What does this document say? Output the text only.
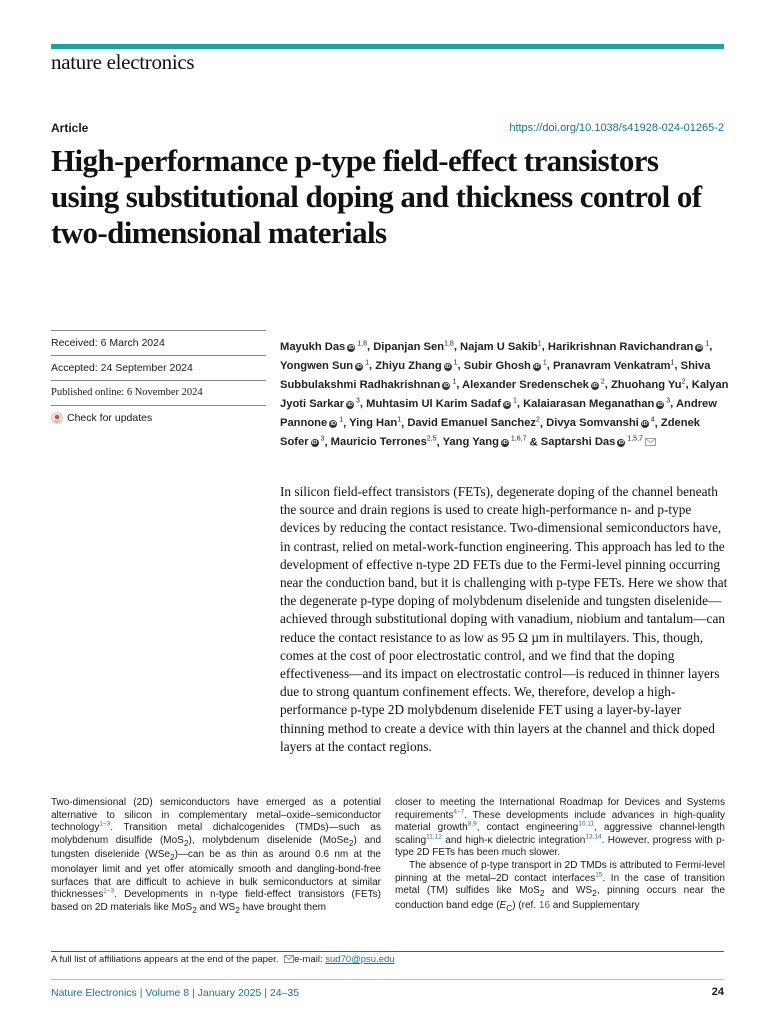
nature electronics
Article	https://doi.org/10.1038/s41928-024-01265-2
High-performance p-type field-effect transistors using substitutional doping and thickness control of two-dimensional materials
Received: 6 March 2024
Accepted: 24 September 2024
Published online: 6 November 2024
Check for updates
Mayukh Das iD $^{1,8}$, Dipanjan Sen$^{1,8}$, Najam U Sakib$^1$, Harikrishnan Ravichandran iD $^1$, Yongwen Sun iD $^1$, Zhiyu Zhang iD $^1$, Subir Ghosh iD $^1$, Pranavram Venkatram$^1$, Shiva Subbulakshmi Radhakrishnan iD $^1$, Alexander Sredenschek iD $^2$, Zhuohang Yu$^2$, Kalyan Jyoti Sarkar iD $^3$, Muhtasim Ul Karim Sadaf iD $^1$, Kalaiarasan Meganathan iD $^3$, Andrew Pannone iD $^1$, Ying Han$^1$, David Emanuel Sanchez$^2$, Divya Somvanshi iD $^4$, Zdenek Sofer iD $^3$, Mauricio Terrones$^{2,5}$, Yang Yang iD $^{1,6,7}$ & Saptarshi Das iD $^{1,5,7}$

In silicon field-effect transistors (FETs), degenerate doping of the channel beneath the source and drain regions is used to create high-performance n- and p-type devices by reducing the contact resistance. Two-dimensional semiconductors have, in contrast, relied on metal-work-function engineering. This approach has led to the development of effective n-type 2D FETs due to the Fermi-level pinning occurring near the conduction band, but it is challenging with p-type FETs. Here we show that the degenerate p-type doping of molybdenum diselenide and tungsten diselenide—achieved through substitutional doping with vanadium, niobium and tantalum—can reduce the contact resistance to as low as 95 Ω µm in multilayers. This, though, comes at the cost of poor electrostatic control, and we find that the doping effectiveness—and its impact on electrostatic control—is reduced in thinner layers due to strong quantum confinement effects. We, therefore, develop a high-performance p-type 2D molybdenum diselenide FET using a layer-by-layer thinning method to create a device with thin layers at the channel and thick doped layers at the contact regions.

Two-dimensional (2D) semiconductors have emerged as a potential alternative to silicon in complementary metal–oxide–semiconductor technology$^{1-3}$. Transition metal dichalcogenides (TMDs)—such as molybdenum disulfide (MoS$_2$), molybdenum diselenide (MoSe$_2$) and tungsten diselenide (WSe$_2$)—can be as thin as around 0.6 nm at the monolayer limit and yet offer atomically smooth and dangling-bond-free surfaces that are difficult to achieve in bulk semiconductors at similar thicknesses$^{1-3}$. Developments in n-type field-effect transistors (FETs) based on 2D materials like MoS$_2$ and $WS_2$ have brought them

closer to meeting the International Roadmap for Devices and Systems requirements$^{4-7}$. These developments include advances in high-quality material growth$^{8,9}$, contact engineering$^{10,11}$, aggressive channel-length scaling$^{11,12}$ and high-κ dielectric integration$^{13,14}$. However, progress with p-type 2D FETs has been much slower.

The absence of p-type transport in 2D TMDs is attributed to Fermi-level pinning at the metal–2D contact interfaces$^{15}$. In the case of transition metal (TM) sulfides like MoS$_2$ and $WS_2$, pinning occurs near the conduction band edge $(E_C)$ (ref. 16 and Supplementary

A full list of affiliations appears at the end of the paper. e-mail: sud70@psu.edu
Nature Electronics | Volume 8 | January 2025 | 24–35	24
